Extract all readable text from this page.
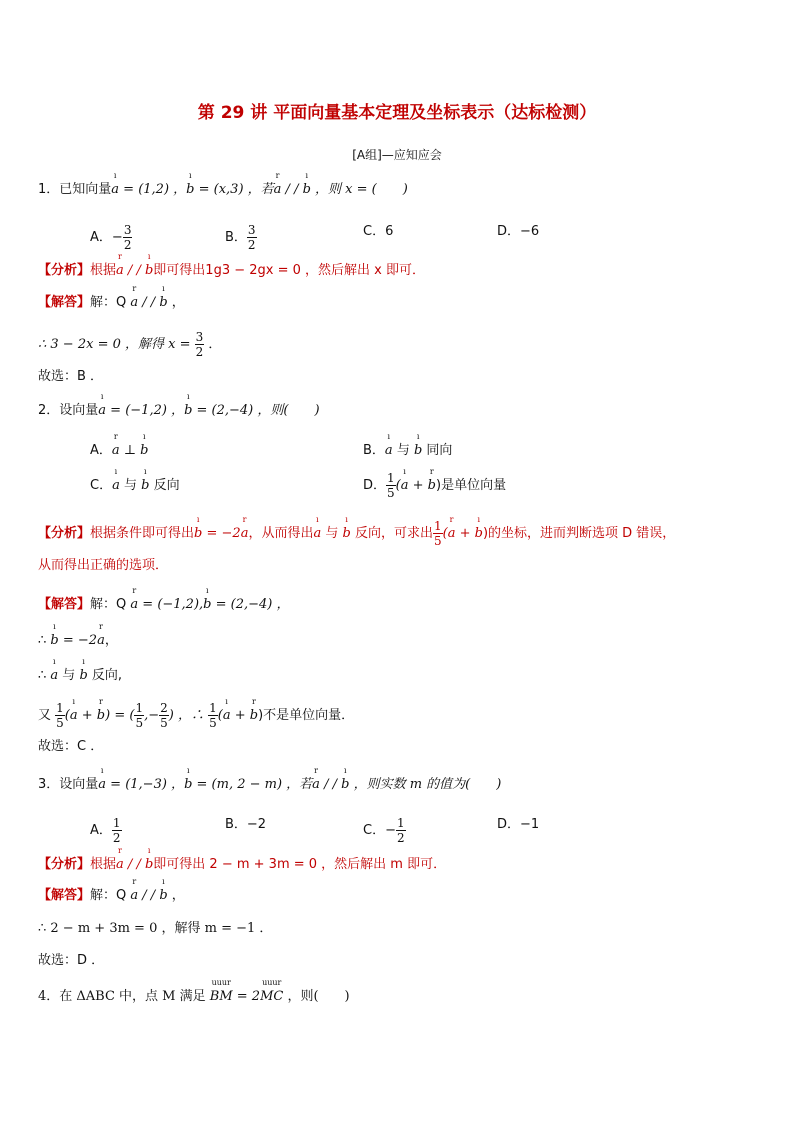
第 29 讲 平面向量基本定理及坐标表示（达标检测）
[A组]—应知应会
1．已知向量ı a = (1,2) ，ı b = (x,3) ，若r a / / ı b ，则 x = (　　)
A．− $\frac{3}{2}$	B． $\frac{3}{2}$	C．6	D．−6
【分析】根据r a / / ı b即可得出1g3 − 2gx = 0 ，然后解出 x 即可．
【解答】解：Q r a / / ı b ，
∴ 3 − 2x = 0 ，解得 $x = \frac{3}{2}$ ．
故选：B ．
2．设向量ı a = (−1,2) ，ı b = (2,−4) ，则(　　)
A．r a ⊥ ı b	B．ı a 与 ı b 同向
C．ı a 与 ı b 反向	D． $\frac{1}{5}$ (ı a + r b)是单位向量
【分析】根据条件即可得出ı b = −2r a，从而得出ı a 与 ı b 反向，可求出 $\frac{1}{5} (r$ a + ı b)的坐标，进而判断选项 D 错误，
从而得出正确的选项．
【解答】解：Q r a = (−1,2),ı b = (2,−4) ，
∴ ı b = −2r a，
∴ ı a 与 ı b 反向,
又 $\frac{1}{5}$ (ı a + r b) = ( $\frac{1}{5}$ ,− $\frac{2}{5}$ ) ，∴ $\frac{1}{5}$ (ı a + r b)不是单位向量．
故选：C ．
3．设向量ı a = (1,−3) ，ı b = (m, 2 − m) ，若r a / / ı b ，则实数 m 的值为(　　)
A． $\frac{1}{2}$	B．−2	C．− $\frac{1}{2}$	D．−1
【分析】根据r a / / ı b即可得出 2 − m + 3m = 0 ，然后解出 m 即可．
【解答】解：Q r a / / ı b ，
∴ 2 − m + 3m = 0 ，解得 m = −1 ．
故选：D ．
4．在 ΔABC 中，点 M 满足 uuur BM = 2uuur MC ，则(　　)
